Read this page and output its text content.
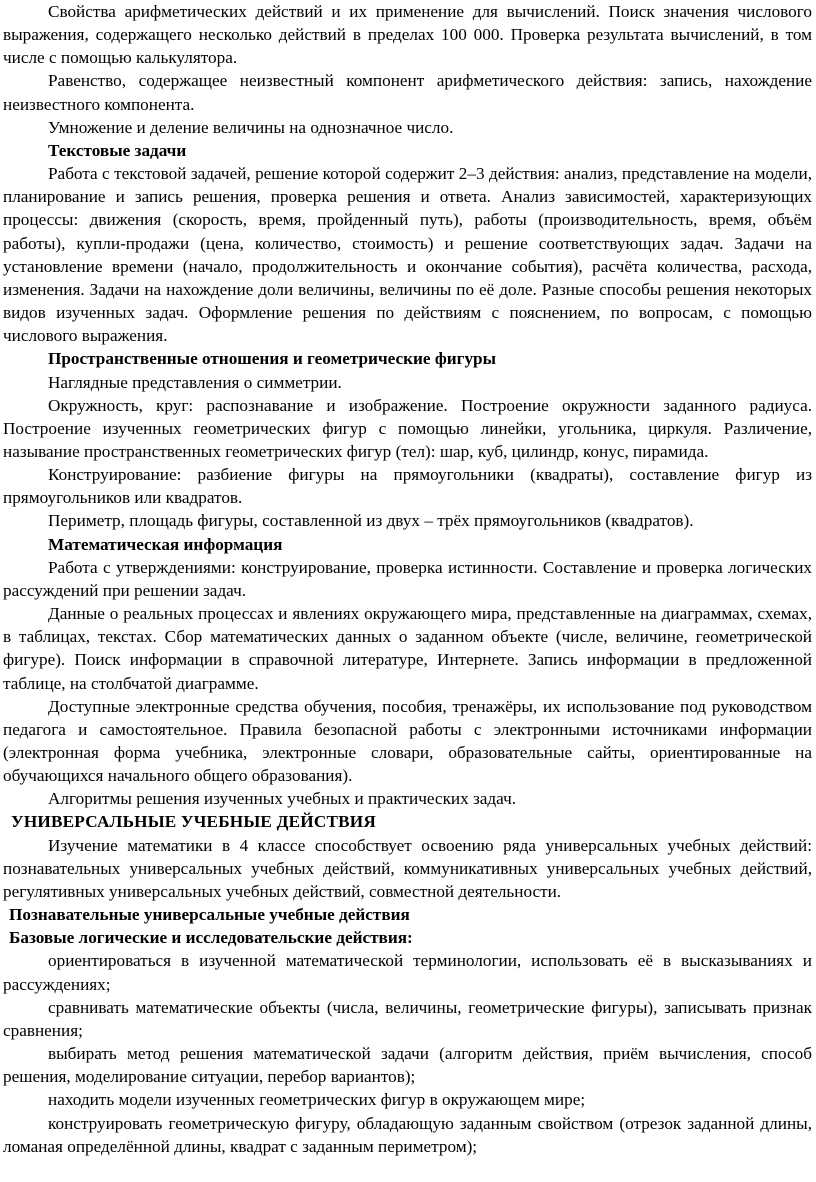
Свойства арифметических действий и их применение для вычислений. Поиск значения числового выражения, содержащего несколько действий в пределах 100 000. Проверка результата вычислений, в том числе с помощью калькулятора.

Равенство, содержащее неизвестный компонент арифметического действия: запись, нахождение неизвестного компонента.

Умножение и деление величины на однозначное число.

Текстовые задачи

Работа с текстовой задачей, решение которой содержит 2–3 действия: анализ, представление на модели, планирование и запись решения, проверка решения и ответа. Анализ зависимостей, характеризующих процессы: движения (скорость, время, пройденный путь), работы (производительность, время, объём работы), купли-продажи (цена, количество, стоимость) и решение соответствующих задач. Задачи на установление времени (начало, продолжительность и окончание события), расчёта количества, расхода, изменения. Задачи на нахождение доли величины, величины по её доле. Разные способы решения некоторых видов изученных задач. Оформление решения по действиям с пояснением, по вопросам, с помощью числового выражения.

Пространственные отношения и геометрические фигуры

Наглядные представления о симметрии.

Окружность, круг: распознавание и изображение. Построение окружности заданного радиуса. Построение изученных геометрических фигур с помощью линейки, угольника, циркуля. Различение, называние пространственных геометрических фигур (тел): шар, куб, цилиндр, конус, пирамида.

Конструирование: разбиение фигуры на прямоугольники (квадраты), составление фигур из прямоугольников или квадратов.

Периметр, площадь фигуры, составленной из двух – трёх прямоугольников (квадратов).

Математическая информация

Работа с утверждениями: конструирование, проверка истинности. Составление и проверка логических рассуждений при решении задач.

Данные о реальных процессах и явлениях окружающего мира, представленные на диаграммах, схемах, в таблицах, текстах. Сбор математических данных о заданном объекте (числе, величине, геометрической фигуре). Поиск информации в справочной литературе, Интернете. Запись информации в предложенной таблице, на столбчатой диаграмме.

Доступные электронные средства обучения, пособия, тренажёры, их использование под руководством педагога и самостоятельное. Правила безопасной работы с электронными источниками информации (электронная форма учебника, электронные словари, образовательные сайты, ориентированные на обучающихся начального общего образования).

Алгоритмы решения изученных учебных и практических задач.

УНИВЕРСАЛЬНЫЕ УЧЕБНЫЕ ДЕЙСТВИЯ

Изучение математики в 4 классе способствует освоению ряда универсальных учебных действий: познавательных универсальных учебных действий, коммуникативных универсальных учебных действий, регулятивных универсальных учебных действий, совместной деятельности.

Познавательные универсальные учебные действия

Базовые логические и исследовательские действия:

ориентироваться в изученной математической терминологии, использовать её в высказываниях и рассуждениях;

сравнивать математические объекты (числа, величины, геометрические фигуры), записывать признак сравнения;

выбирать метод решения математической задачи (алгоритм действия, приём вычисления, способ решения, моделирование ситуации, перебор вариантов);

находить модели изученных геометрических фигур в окружающем мире;

конструировать геометрическую фигуру, обладающую заданным свойством (отрезок заданной длины, ломаная определённой длины, квадрат с заданным периметром);
